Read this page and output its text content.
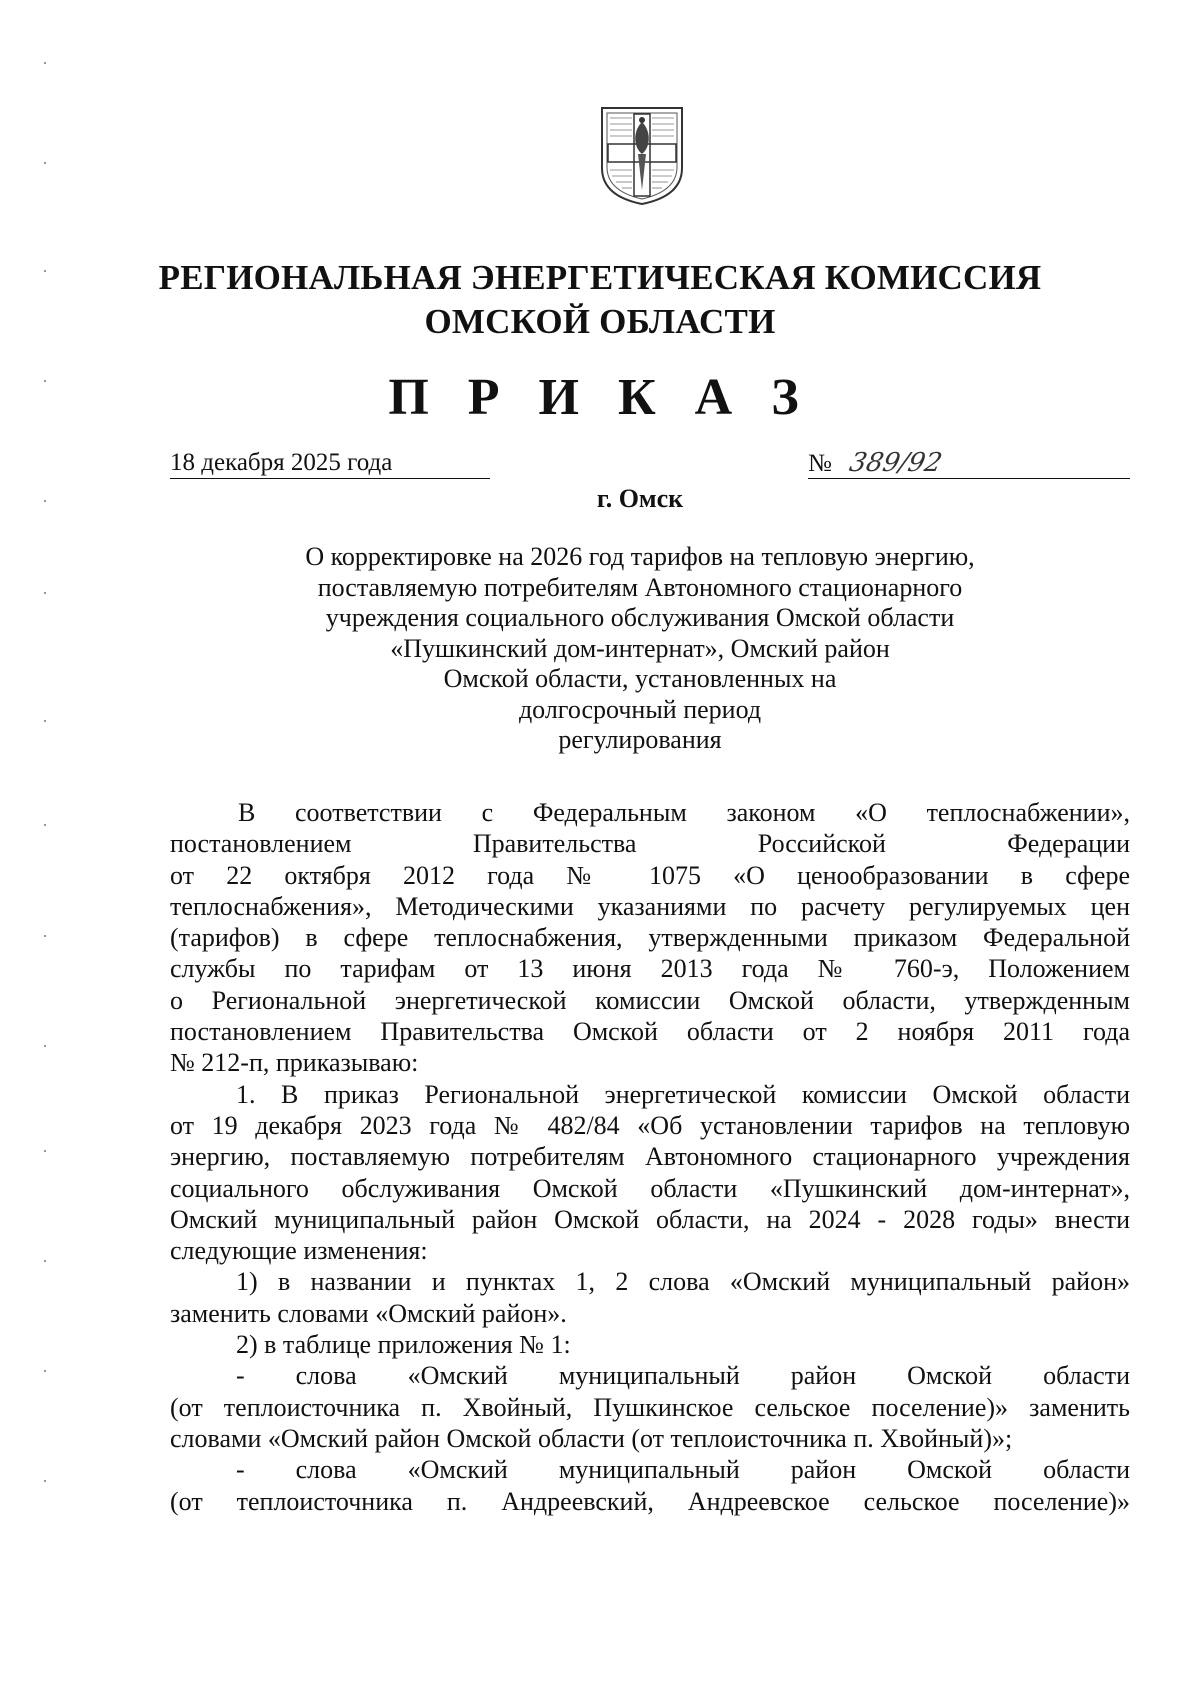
РЕГИОНАЛЬНАЯ ЭНЕРГЕТИЧЕСКАЯ КОМИССИЯ
ОМСКОЙ ОБЛАСТИ
П Р И К А З
18 декабря 2025 года	№ 389/92
г. Омск
О корректировке на 2026 год тарифов на тепловую энергию,
поставляемую потребителям Автономного стационарного
учреждения социального обслуживания Омской области
«Пушкинский дом-интернат», Омский район
Омской области, установленных на
долгосрочный период
регулирования
В соответствии с Федеральным законом «О теплоснабжении»,
постановлением Правительства Российской Федерации
от 22 октября 2012 года № 1075 «О ценообразовании в сфере
теплоснабжения», Методическими указаниями по расчету регулируемых цен
(тарифов) в сфере теплоснабжения, утвержденными приказом Федеральной
службы по тарифам от 13 июня 2013 года № 760-э, Положением
о Региональной энергетической комиссии Омской области, утвержденным
постановлением Правительства Омской области от 2 ноября 2011 года
№ 212-п, приказываю:
1. В приказ Региональной энергетической комиссии Омской области
от 19 декабря 2023 года № 482/84 «Об установлении тарифов на тепловую
энергию, поставляемую потребителям Автономного стационарного учреждения
социального обслуживания Омской области «Пушкинский дом-интернат»,
Омский муниципальный район Омской области, на 2024 - 2028 годы» внести
следующие изменения:
1) в названии и пунктах 1, 2 слова «Омский муниципальный район»
заменить словами «Омский район».
2) в таблице приложения № 1:
- слова «Омский муниципальный район Омской области
(от теплоисточника п. Хвойный, Пушкинское сельское поселение)» заменить
словами «Омский район Омской области (от теплоисточника п. Хвойный)»;
- слова «Омский муниципальный район Омской области
(от теплоисточника п. Андреевский, Андреевское сельское поселение)»
